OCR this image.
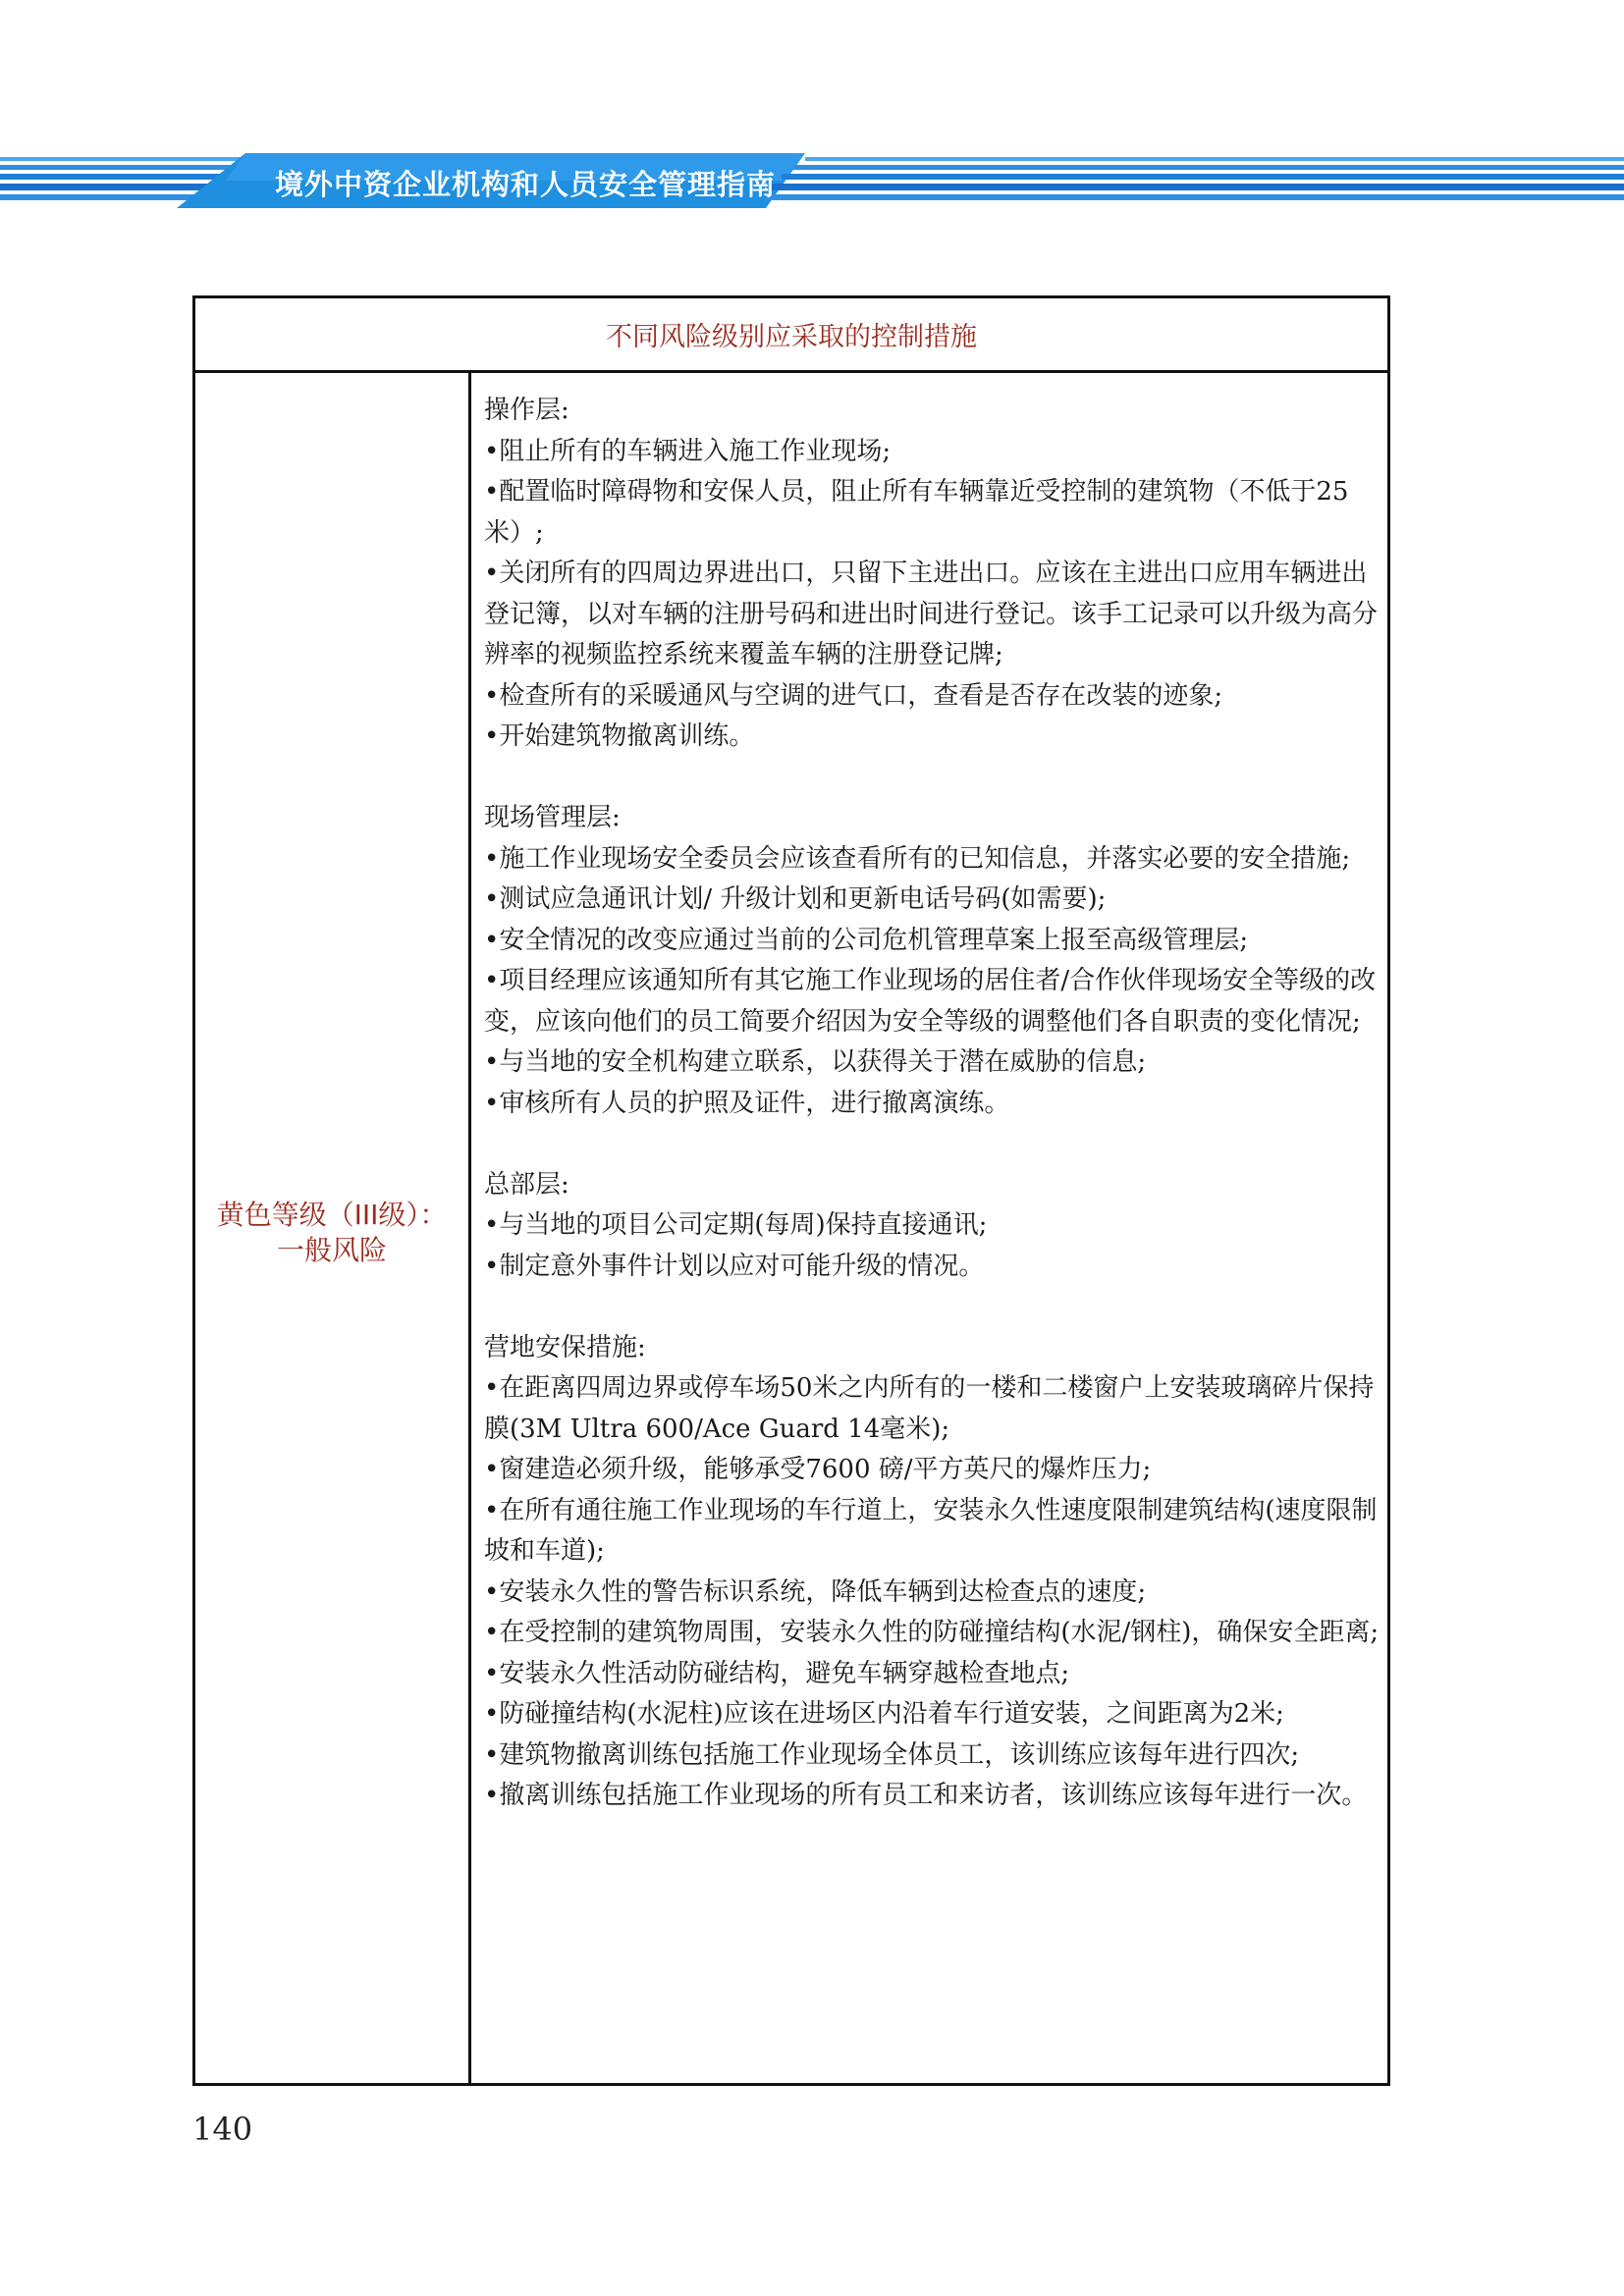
境外中资企业机构和人员安全管理指南
不同风险级别应采取的控制措施
黄色等级（III级）：
一般风险
操作层:
•阻止所有的车辆进入施工作业现场;
•配置临时障碍物和安保人员，阻止所有车辆靠近受控制的建筑物（不低于25米）;
•关闭所有的四周边界进出口，只留下主进出口。应该在主进出口应用车辆进出登记簿，以对车辆的注册号码和进出时间进行登记。该手工记录可以升级为高分辨率的视频监控系统来覆盖车辆的注册登记牌;
•检查所有的采暖通风与空调的进气口，查看是否存在改装的迹象;
•开始建筑物撤离训练。
现场管理层:
•施工作业现场安全委员会应该查看所有的已知信息，并落实必要的安全措施;
•测试应急通讯计划/ 升级计划和更新电话号码(如需要);
•安全情况的改变应通过当前的公司危机管理草案上报至高级管理层;
•项目经理应该通知所有其它施工作业现场的居住者/合作伙伴现场安全等级的改变，应该向他们的员工简要介绍因为安全等级的调整他们各自职责的变化情况;
•与当地的安全机构建立联系，以获得关于潜在威胁的信息;
•审核所有人员的护照及证件，进行撤离演练。
总部层:
•与当地的项目公司定期(每周)保持直接通讯;
•制定意外事件计划以应对可能升级的情况。
营地安保措施:
•在距离四周边界或停车场50米之内所有的一楼和二楼窗户上安装玻璃碎片保持膜(3M Ultra 600/Ace Guard 14毫米);
•窗建造必须升级，能够承受7600 磅/平方英尺的爆炸压力;
•在所有通往施工作业现场的车行道上，安装永久性速度限制建筑结构(速度限制坡和车道);
•安装永久性的警告标识系统，降低车辆到达检查点的速度;
•在受控制的建筑物周围，安装永久性的防碰撞结构(水泥/钢柱)，确保安全距离;
•安装永久性活动防碰结构，避免车辆穿越检查地点;
•防碰撞结构(水泥柱)应该在进场区内沿着车行道安装，之间距离为2米;
•建筑物撤离训练包括施工作业现场全体员工，该训练应该每年进行四次;
•撤离训练包括施工作业现场的所有员工和来访者，该训练应该每年进行一次。
140
